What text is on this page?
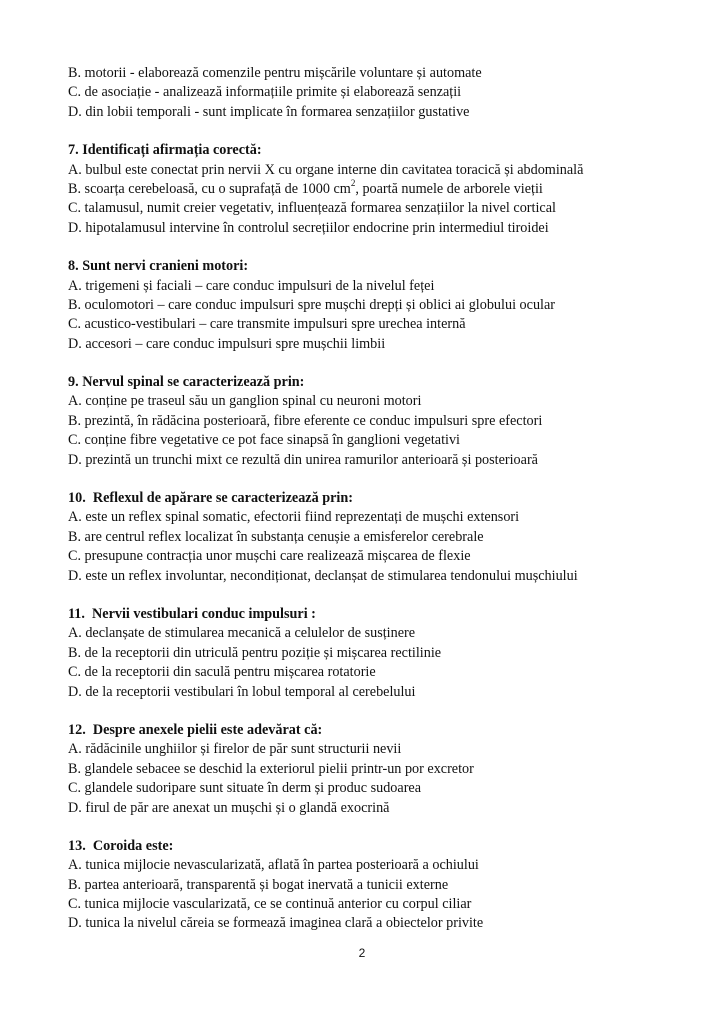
B. motorii - elaborează comenzile pentru mișcările voluntare și automate
C. de asociație - analizează informațiile primite și elaborează senzații
D. din lobii temporali - sunt implicate în formarea senzațiilor gustative
7. Identificați afirmația corectă:
A. bulbul este conectat prin nervii X cu organe interne din cavitatea toracică și abdominală
B. scoarța cerebeloasă, cu o suprafață de 1000 $cm^2$, poartă numele de arborele vieții
C. talamusul, numit creier vegetativ, influențează formarea senzațiilor la nivel cortical
D. hipotalamusul intervine în controlul secrețiilor endocrine prin intermediul tiroidei
8. Sunt nervi cranieni motori:
A. trigemeni și faciali – care conduc impulsuri de la nivelul feței
B. oculomotori – care conduc impulsuri spre mușchi drepți și oblici ai globului ocular
C. acustico-vestibulari – care transmite impulsuri spre urechea internă
D. accesori – care conduc impulsuri spre mușchii limbii
9. Nervul spinal se caracterizează prin:
A. conține pe traseul său un ganglion spinal cu neuroni motori
B. prezintă, în rădăcina posterioară, fibre eferente ce conduc impulsuri spre efectori
C. conține fibre vegetative ce pot face sinapsă în ganglioni vegetativi
D. prezintă un trunchi mixt ce rezultă din unirea ramurilor anterioară și posterioară
10. Reflexul de apărare se caracterizează prin:
A. este un reflex spinal somatic, efectorii fiind reprezentați de mușchi extensori
B. are centrul reflex localizat în substanța cenușie a emisferelor cerebrale
C. presupune contracția unor mușchi care realizează mișcarea de flexie
D. este un reflex involuntar, necondiționat, declanșat de stimularea tendonului mușchiului
11. Nervii vestibulari conduc impulsuri :
A. declanșate de stimularea mecanică a celulelor de susținere
B. de la receptorii din utriculă pentru poziție și mișcarea rectilinie
C. de la receptorii din saculă pentru mișcarea rotatorie
D. de la receptorii vestibulari în lobul temporal al cerebelului
12. Despre anexele pielii este adevărat că:
A. rădăcinile unghiilor și firelor de păr sunt structurii nevii
B. glandele sebacee se deschid la exteriorul pielii printr-un por excretor
C. glandele sudoripare sunt situate în derm și produc sudoarea
D. firul de păr are anexat un mușchi și o glandă exocrină
13. Coroida este:
A. tunica mijlocie nevascularizată, aflată în partea posterioară a ochiului
B. partea anterioară, transparentă și bogat inervată a tunicii externe
C. tunica mijlocie vascularizată, ce se continuă anterior cu corpul ciliar
D. tunica la nivelul căreia se formează imaginea clară a obiectelor privite
2
